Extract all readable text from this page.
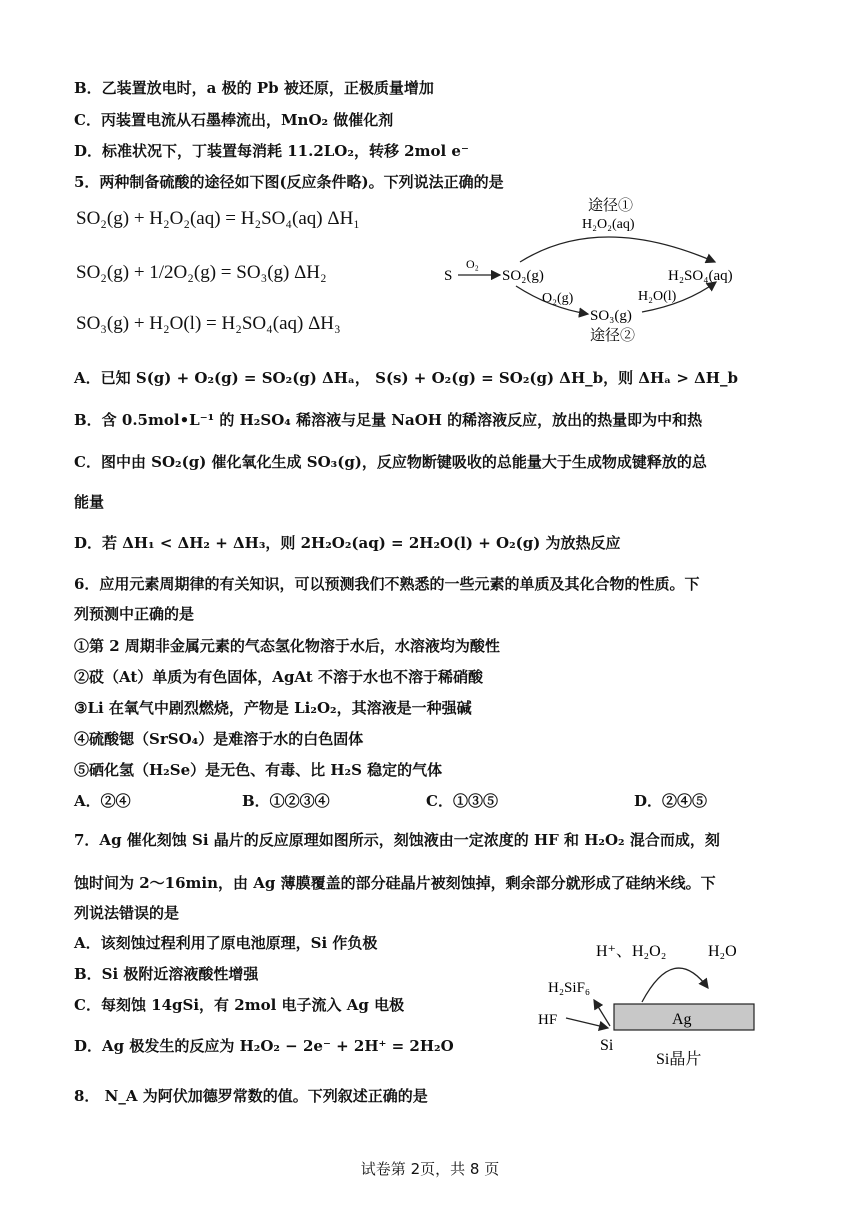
B．乙装置放电时，a 极的 Pb 被还原，正极质量增加
C．丙装置电流从石墨棒流出，MnO₂ 做催化剂
D．标准状况下，丁装置每消耗 11.2LO₂，转移 2mol e⁻
5．两种制备硫酸的途径如下图(反应条件略)。下列说法正确的是
SO₂(g) + H₂O₂(aq) = H₂SO₄(aq) ΔH₁
SO₂(g) + 1/2O₂(g) = SO₃(g) ΔH₂
SO₃(g) + H₂O(l) = H₂SO₄(aq) ΔH₃
途径①
H₂O₂(aq)
S
O₂
SO₂(g)	H₂SO₄(aq)
O₂(g)	H₂O(l)
SO₃(g)
途径②
A．已知 S(g) + O₂(g) = SO₂(g) ΔHₐ， S(s) + O₂(g) = SO₂(g) ΔH_b，则 ΔHₐ > ΔH_b
B．含 0.5mol•L⁻¹ 的 H₂SO₄ 稀溶液与足量 NaOH 的稀溶液反应，放出的热量即为中和热
C．图中由 SO₂(g) 催化氧化生成 SO₃(g)，反应物断键吸收的总能量大于生成物成键释放的总
能量
D．若 ΔH₁ < ΔH₂ + ΔH₃，则 2H₂O₂(aq) = 2H₂O(l) + O₂(g) 为放热反应
6．应用元素周期律的有关知识，可以预测我们不熟悉的一些元素的单质及其化合物的性质。下
列预测中正确的是
①第 2 周期非金属元素的气态氢化物溶于水后，水溶液均为酸性
②砹（At）单质为有色固体，AgAt 不溶于水也不溶于稀硝酸
③Li 在氧气中剧烈燃烧，产物是 Li₂O₂，其溶液是一种强碱
④硫酸锶（SrSO₄）是难溶于水的白色固体
⑤硒化氢（H₂Se）是无色、有毒、比 H₂S 稳定的气体
A．②④	B．①②③④	C．①③⑤	D．②④⑤
7．Ag 催化刻蚀 Si 晶片的反应原理如图所示，刻蚀液由一定浓度的 HF 和 H₂O₂ 混合而成，刻
蚀时间为 2～16min，由 Ag 薄膜覆盖的部分硅晶片被刻蚀掉，剩余部分就形成了硅纳米线。下
列说法错误的是
A．该刻蚀过程利用了原电池原理，Si 作负极
B．Si 极附近溶液酸性增强
C．每刻蚀 14gSi，有 2mol 电子流入 Ag 电极
D．Ag 极发生的反应为 H₂O₂ − 2e⁻ + 2H⁺ = 2H₂O
H⁺、H₂O₂	H₂O
H₂SiF₆
HF	Ag
Si
Si晶片
8． N_A 为阿伏加德罗常数的值。下列叙述正确的是
试卷第 2页，共 8 页
